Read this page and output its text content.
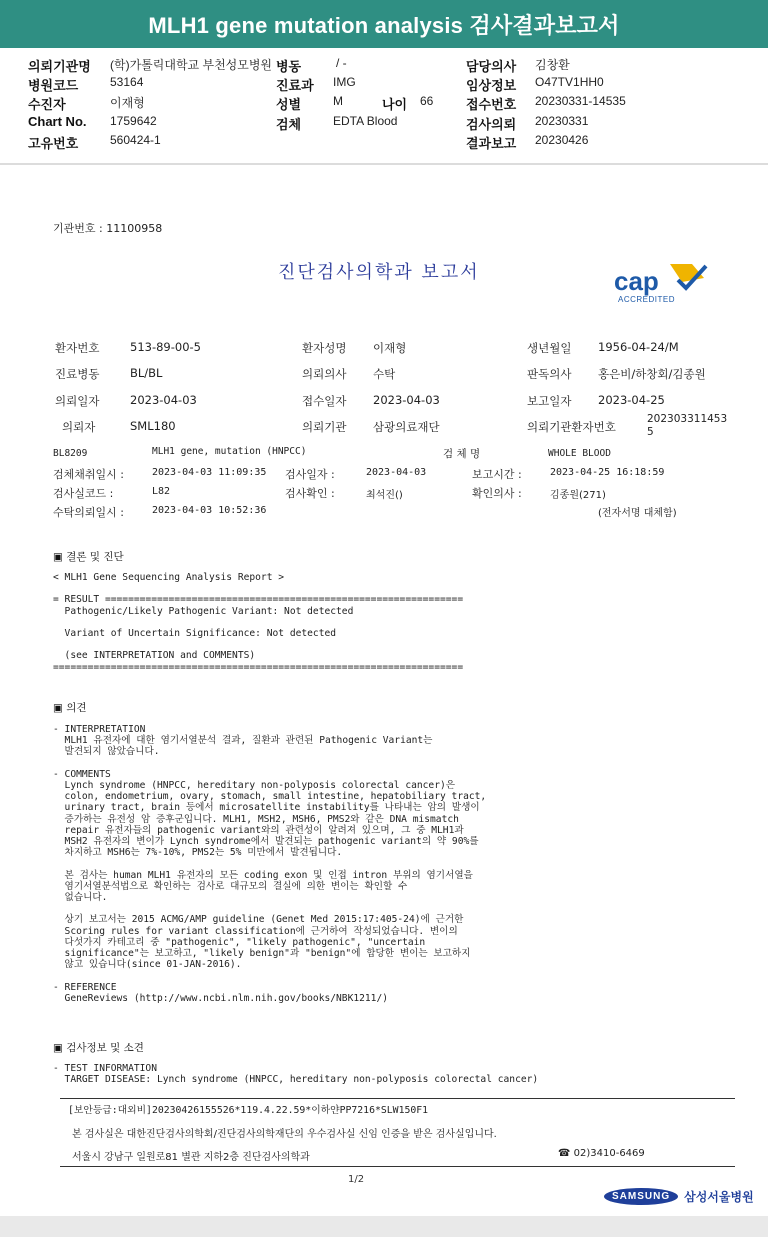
MLH1 gene mutation analysis 검사결과보고서
의뢰기관명 (학)가톨릭대학교 부천성모병원 병동	/ -	담당의사 김창환
병원코드	53164	진료과 IMG	임상정보 O47TV1HH0
수진자	이재형	성별	M	나이 66	접수번호 20230331-14535
Chart No. 1759642	검체	EDTA Blood	검사의뢰 20230331
고유번호	560424-1	결과보고 20230426
기관번호 : 11100958
진단검사의학과 보고서	cap
ACCREDITED
환자번호	513-89-00-5	환자성명 이재형	생년월일 1956-04-24/M
진료병동	BL/BL	의뢰의사 수탁	판독의사 홍은비/하창회/김종원
의뢰일자	2023-04-03	접수일자 2023-04-03	보고일자 2023-04-25
의뢰자	SML180	의뢰기관 삼광의료재단	의뢰기관환자번호
202303311453
5
BL8209	MLH1 gene, mutation (HNPCC)	검 체 명	WHOLE BLOOD
검체채취일시 :	2023-04-03 11:09:35 검사일자 :	2023-04-03	보고시간 :	2023-04-25 16:18:59
검사실코드 :	L82	검사확인 :	최석진()	확인의사 :	김종원(271)
수탁의뢰일시 :	2023-04-03 10:52:36	(전자서명 대체함)
▣ 결론 및 진단
< MLH1 Gene Sequencing Analysis Report >

= RESULT ==============================================================
Pathogenic/Likely Pathogenic Variant: Not detected

Variant of Uncertain Significance: Not detected

(see INTERPRETATION and COMMENTS)
=======================================================================
▣ 의견
- INTERPRETATION
MLH1 유전자에 대한 염기서열분석 결과, 질환과 관련된 Pathogenic Variant는
발견되지 않았습니다.

- COMMENTS
Lynch syndrome (HNPCC, hereditary non-polyposis colorectal cancer)은
colon, endometrium, ovary, stomach, small intestine, hepatobiliary tract,
urinary tract, brain 등에서 microsatellite instability를 나타내는 암의 발생이
증가하는 유전성 암 증후군입니다. MLH1, MSH2, MSH6, PMS2와 같은 DNA mismatch
repair 유전자들의 pathogenic variant와의 관련성이 알려져 있으며, 그 중 MLH1과
MSH2 유전자의 변이가 Lynch syndrome에서 발견되는 pathogenic variant의 약 90%를
차지하고 MSH6는 7%-10%, PMS2는 5% 미만에서 발견됩니다.

본 검사는 human MLH1 유전자의 모든 coding exon 및 인접 intron 부위의 염기서열을
염기서열분석법으로 확인하는 검사로 대규모의 결실에 의한 변이는 확인할 수
없습니다.

상기 보고서는 2015 ACMG/AMP guideline (Genet Med 2015:17:405-24)에 근거한
Scoring rules for variant classification에 근거하여 작성되었습니다. 변이의
다섯가지 카테고리 중 "pathogenic", "likely pathogenic", "uncertain
significance"는 보고하고, "likely benign"과 "benign"에 합당한 변이는 보고하지
않고 있습니다(since 01-JAN-2016).

- REFERENCE
GeneReviews (http://www.ncbi.nlm.nih.gov/books/NBK1211/)
▣ 검사정보 및 소견
- TEST INFORMATION
TARGET DISEASE: Lynch syndrome (HNPCC, hereditary non-polyposis colorectal cancer)
[보안등급:대외비]20230426155526*119.4.22.59*이하얀PP7216*SLW150F1
본 검사실은 대한진단검사의학회/진단검사의학재단의 우수검사실 신임 인증을 받은 검사실입니다.
서울시 강남구 일원로81 별관 지하2층 진단검사의학과	☎ 02)3410-6469
1/2
SAMSUNG	삼성서울병원
